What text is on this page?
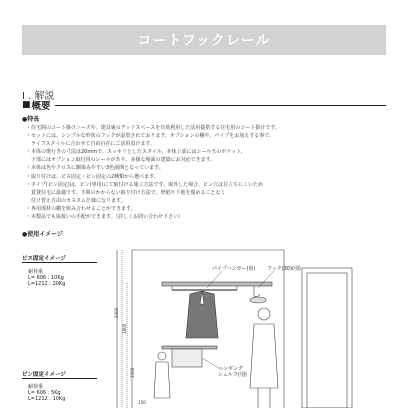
コートフックレール
I . 解説
■ 概要
●特長
・住宅間のコート掛けニーズや、建具裏のデッドスペースを有効利用した活用提供する住宅用のコート掛けです。
・セットには、シンプルな形状のフックが設置されております。オプションの棚や、パイプをお加えする事で、
　ライフスタイルに合わせて自由自在にご活用頂けます。
・本体の奥行きの寸法は20mmで、スッキリとしたスタイル。本体上部にはシール天のポケット、
　下部にはオプション取付用のレールがあり、多様な場面の建築にお対応できます。
・本体は色やクロスに馴染みやすい3色展開となっています。
・取り付けは、ビス固定・ピン固定の2種類から選べます。
・タイプ(ピン固定)は、ピン(専用)にて取付ける施工方法です。取外した場合、ピン穴は目立ちにくいため
　賃貸住宅に最適です。手間のかからない取り付け方法で、壁紙や下地を傷めることなく
　付け替え自由のカスタム仕様になります。
・専用部材の棚を組み合わせることができます。
・本製品でも取扱いの手配ができます。（詳しくお問い合わせ下さい）
●使用イメージ
2400
1800
1500
150
ビス固定イメージ
耐荷重
L= 606 : 10Kg
L=1212 : 20Kg
ピン固定イメージ
耐荷重
L= 606 : 5Kg
L=1212 : 10Kg
パイプハンガー(別) フック(30)(別)
ハンギング
シェルフ(別)
